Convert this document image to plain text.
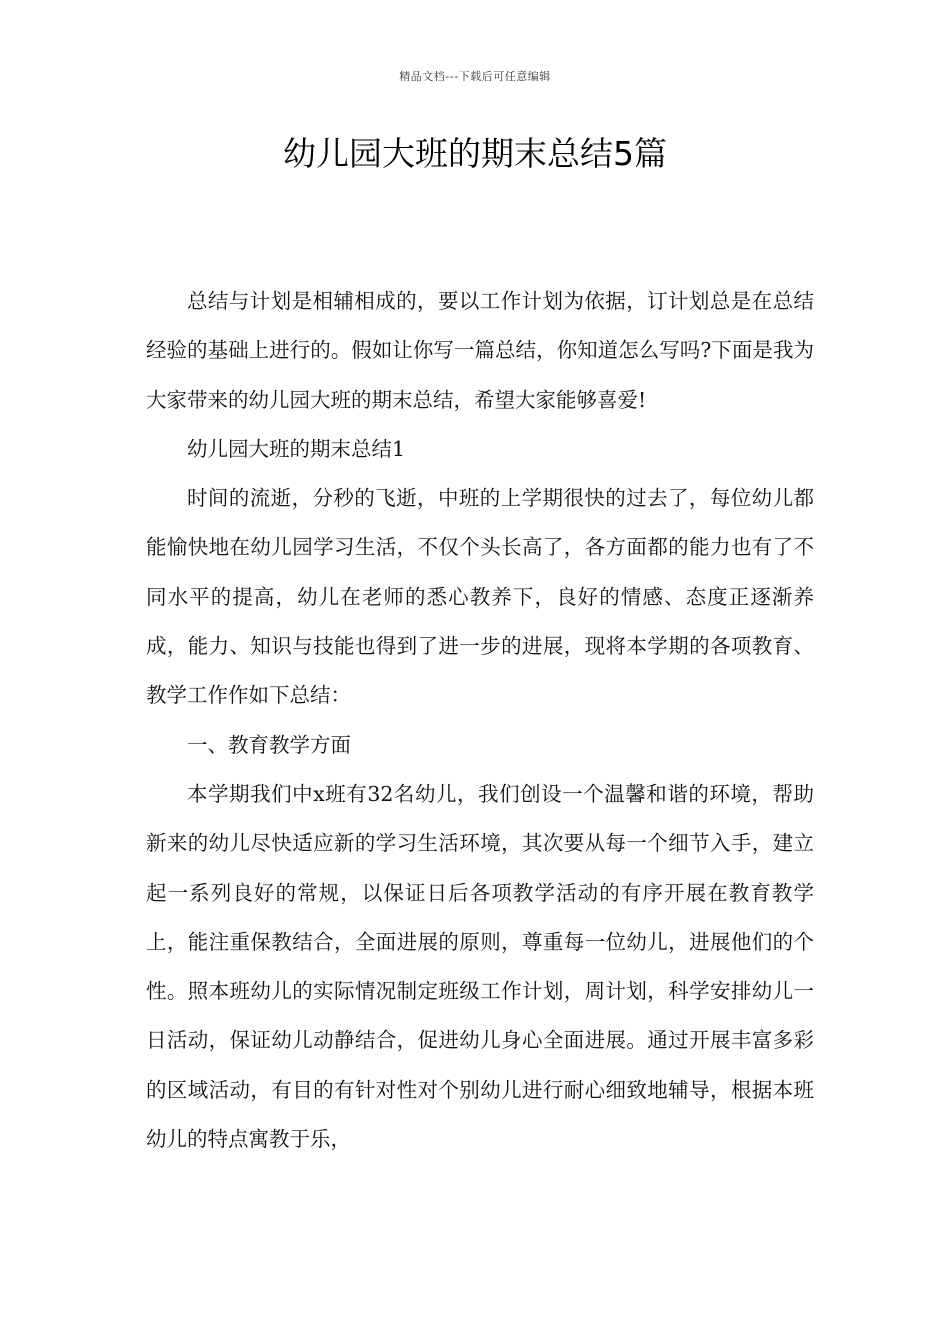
精品文档---下载后可任意编辑
幼儿园大班的期末总结5篇

总结与计划是相辅相成的，要以工作计划为依据，订计划总是在总结经验的基础上进行的。假如让你写一篇总结，你知道怎么写吗?下面是我为大家带来的幼儿园大班的期末总结，希望大家能够喜爱!

幼儿园大班的期末总结1

时间的流逝，分秒的飞逝，中班的上学期很快的过去了，每位幼儿都能愉快地在幼儿园学习生活，不仅个头长高了，各方面都的能力也有了不同水平的提高，幼儿在老师的悉心教养下，良好的情感、态度正逐渐养成，能力、知识与技能也得到了进一步的进展，现将本学期的各项教育、教学工作作如下总结：

一、教育教学方面

本学期我们中x班有32名幼儿，我们创设一个温馨和谐的环境，帮助新来的幼儿尽快适应新的学习生活环境，其次要从每一个细节入手，建立起一系列良好的常规，以保证日后各项教学活动的有序开展在教育教学上，能注重保教结合，全面进展的原则，尊重每一位幼儿，进展他们的个性。照本班幼儿的实际情况制定班级工作计划，周计划，科学安排幼儿一日活动，保证幼儿动静结合，促进幼儿身心全面进展。通过开展丰富多彩的区域活动，有目的有针对性对个别幼儿进行耐心细致地辅导，根据本班幼儿的特点寓教于乐，
